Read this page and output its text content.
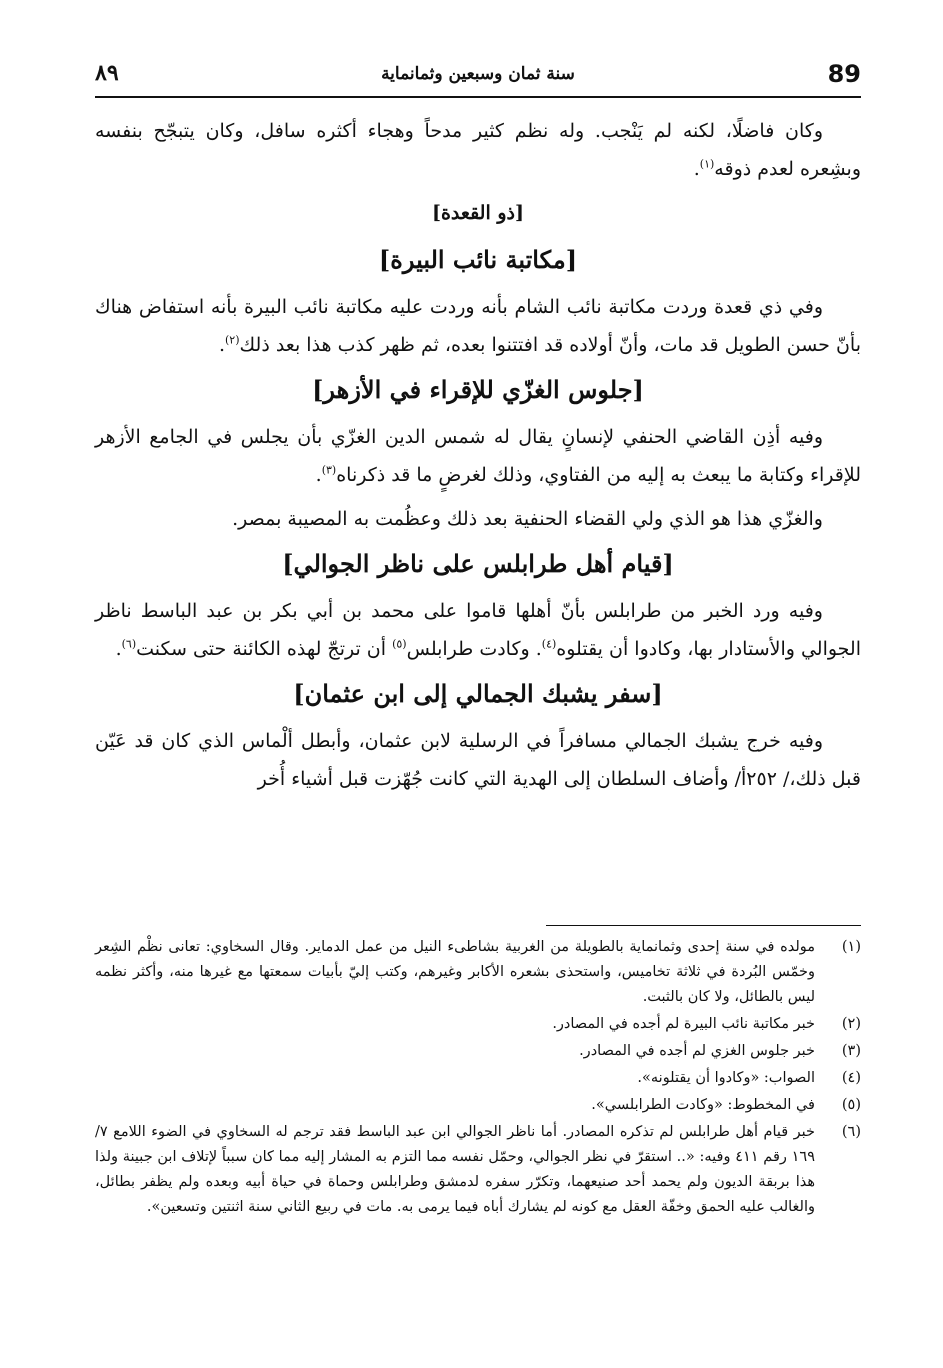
89
سنة ثمان وسبعين وثمانماية
٨٩

وكان فاضلًا، لكنه لم يَنْجب. وله نظم كثير مدحاً وهجاء أكثره سافل، وكان يتبجّح بنفسه وبشِعره لعدم ذوقه$^{(١)}$.

[ذو القعدة]
[مكاتبة نائب البيرة]

وفي ذي قعدة وردت مكاتبة نائب الشام بأنه وردت عليه مكاتبة نائب البيرة بأنه استفاض هناك بأنّ حسن الطويل قد مات، وأنّ أولاده قد افتتنوا بعده، ثم ظهر كذب هذا بعد ذلك$^{(٢)}$.

[جلوس الغزّي للإقراء في الأزهر]

وفيه أذِن القاضي الحنفي لإنسانٍ يقال له شمس الدين الغزّي بأن يجلس في الجامع الأزهر للإقراء وكتابة ما يبعث به إليه من الفتاوي، وذلك لغرضٍ ما قد ذكرناه$^{(٣)}$.

والغزّي هذا هو الذي ولي القضاء الحنفية بعد ذلك وعظُمت به المصيبة بمصر.

[قيام أهل طرابلس على ناظر الجوالي]

وفيه ورد الخبر من طرابلس بأنّ أهلها قاموا على محمد بن أبي بكر بن عبد الباسط ناظر الجوالي والأستادار بها، وكادوا أن يقتلوه$^{(٤)}$. وكادت طرابلس$^{(٥)}$ أن ترتجّ لهذه الكائنة حتى سكنت$^{(٦)}$.

[سفر يشبك الجمالي إلى ابن عثمان]

وفيه خرج يشبك الجمالي مسافراً في الرسلية لابن عثمان، وأبطل ألْماس الذي كان قد عَيّن قبل ذلك،/ ٢٥٢أ/ وأضاف السلطان إلى الهدية التي كانت جُهّزت قبل أشياء أُخر

(١)
مولده في سنة إحدى وثمانماية بالطويلة من الغربية بشاطىء النيل من عمل الدماير. وقال السخاوي: تعانى نظْم الشِعر وخمّس البُردة في ثلاثة تخاميس، واستحذى بشعره الأكابر وغيرهم، وكتب إليّ بأبيات سمعتها مع غيرها منه، وأكثر نظمه ليس بالطائل، ولا كان بالثبت.
(٢)
خبر مكاتبة نائب البيرة لم أجده في المصادر.
(٣)
خبر جلوس الغزي لم أجده في المصادر.
(٤)
الصواب: «وكادوا أن يقتلونه».
(٥)
في المخطوط: «وكادت الطرابلسي».
(٦)
خبر قيام أهل طرابلس لم تذكره المصادر. أما ناظر الجوالي ابن عبد الباسط فقد ترجم له السخاوي في الضوء اللامع ٧/ ١٦٩ رقم ٤١١ وفيه: «.. استقرّ في نظر الجوالي، وحمّل نفسه مما التزم به المشار إليه مما كان سبباً لإتلاف ابن جبينة ولذا هذا بربقة الديون ولم يحمد أحد صنيعهما، وتكرّر سفره لدمشق وطرابلس وحماة في حياة أبيه وبعده ولم يظفر بطائل، والغالب عليه الحمق وخفّة العقل مع كونه لم يشارك أباه فيما يرمى به. مات في ربيع الثاني سنة اثنتين وتسعين».
